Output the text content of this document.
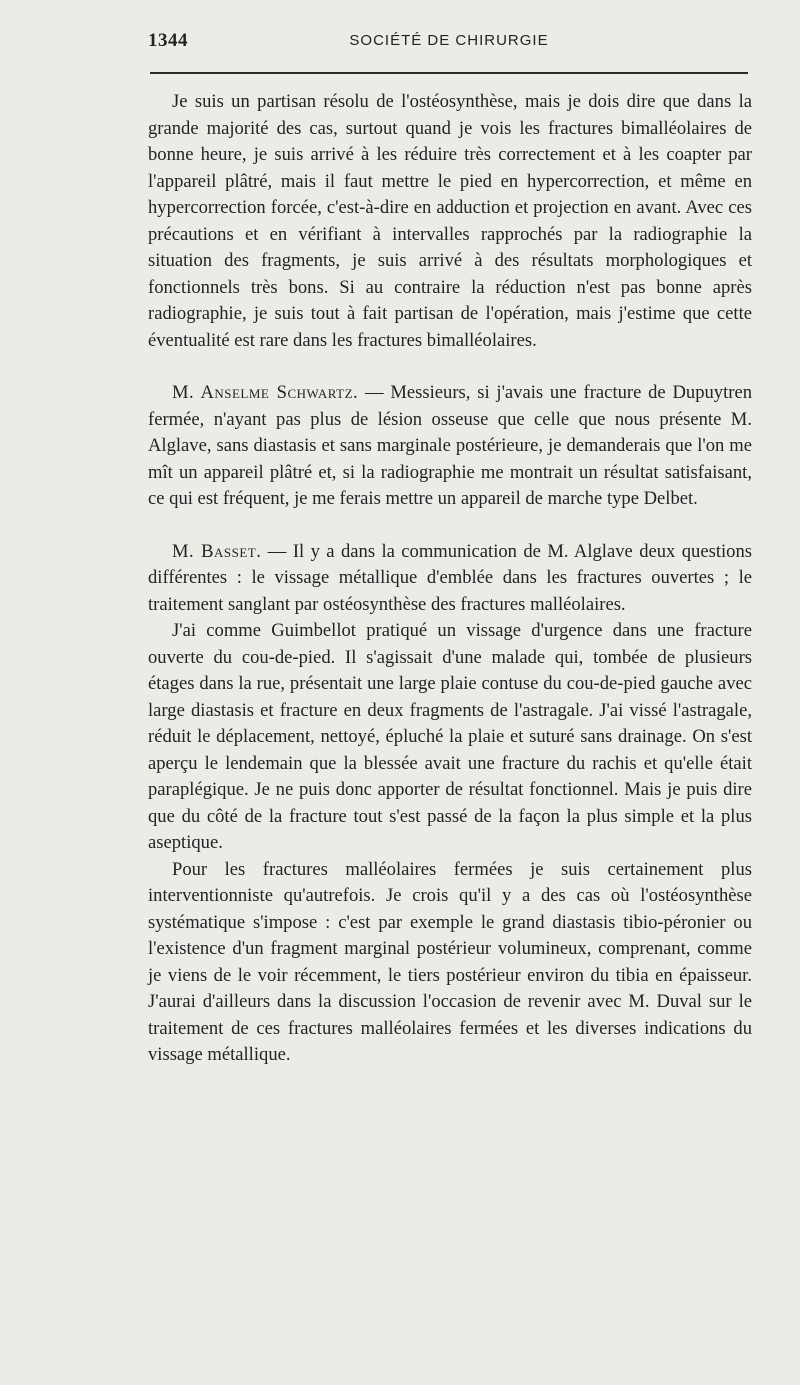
1344	SOCIÉTÉ DE CHIRURGIE

Je suis un partisan résolu de l'ostéosynthèse, mais je dois dire que dans la grande majorité des cas, surtout quand je vois les fractures bimalléolaires de bonne heure, je suis arrivé à les réduire très correctement et à les coapter par l'appareil plâtré, mais il faut mettre le pied en hypercorrection, et même en hypercorrection forcée, c'est-à-dire en adduction et projection en avant. Avec ces précautions et en vérifiant à intervalles rapprochés par la radiographie la situation des fragments, je suis arrivé à des résultats morphologiques et fonctionnels très bons. Si au contraire la réduction n'est pas bonne après radiographie, je suis tout à fait partisan de l'opération, mais j'estime que cette éventualité est rare dans les fractures bimalléolaires.

M. Anselme Schwartz. — Messieurs, si j'avais une fracture de Dupuytren fermée, n'ayant pas plus de lésion osseuse que celle que nous présente M. Alglave, sans diastasis et sans marginale postérieure, je demanderais que l'on me mît un appareil plâtré et, si la radiographie me montrait un résultat satisfaisant, ce qui est fréquent, je me ferais mettre un appareil de marche type Delbet.

M. Basset. — Il y a dans la communication de M. Alglave deux questions différentes : le vissage métallique d'emblée dans les fractures ouvertes ; le traitement sanglant par ostéosynthèse des fractures malléolaires.

J'ai comme Guimbellot pratiqué un vissage d'urgence dans une fracture ouverte du cou-de-pied. Il s'agissait d'une malade qui, tombée de plusieurs étages dans la rue, présentait une large plaie contuse du cou-de-pied gauche avec large diastasis et fracture en deux fragments de l'astragale. J'ai vissé l'astragale, réduit le déplacement, nettoyé, épluché la plaie et suturé sans drainage. On s'est aperçu le lendemain que la blessée avait une fracture du rachis et qu'elle était paraplégique. Je ne puis donc apporter de résultat fonctionnel. Mais je puis dire que du côté de la fracture tout s'est passé de la façon la plus simple et la plus aseptique.

Pour les fractures malléolaires fermées je suis certainement plus interventionniste qu'autrefois. Je crois qu'il y a des cas où l'ostéosynthèse systématique s'impose : c'est par exemple le grand diastasis tibio-péronier ou l'existence d'un fragment marginal postérieur volumineux, comprenant, comme je viens de le voir récemment, le tiers postérieur environ du tibia en épaisseur. J'aurai d'ailleurs dans la discussion l'occasion de revenir avec M. Duval sur le traitement de ces fractures malléolaires fermées et les diverses indications du vissage métallique.
